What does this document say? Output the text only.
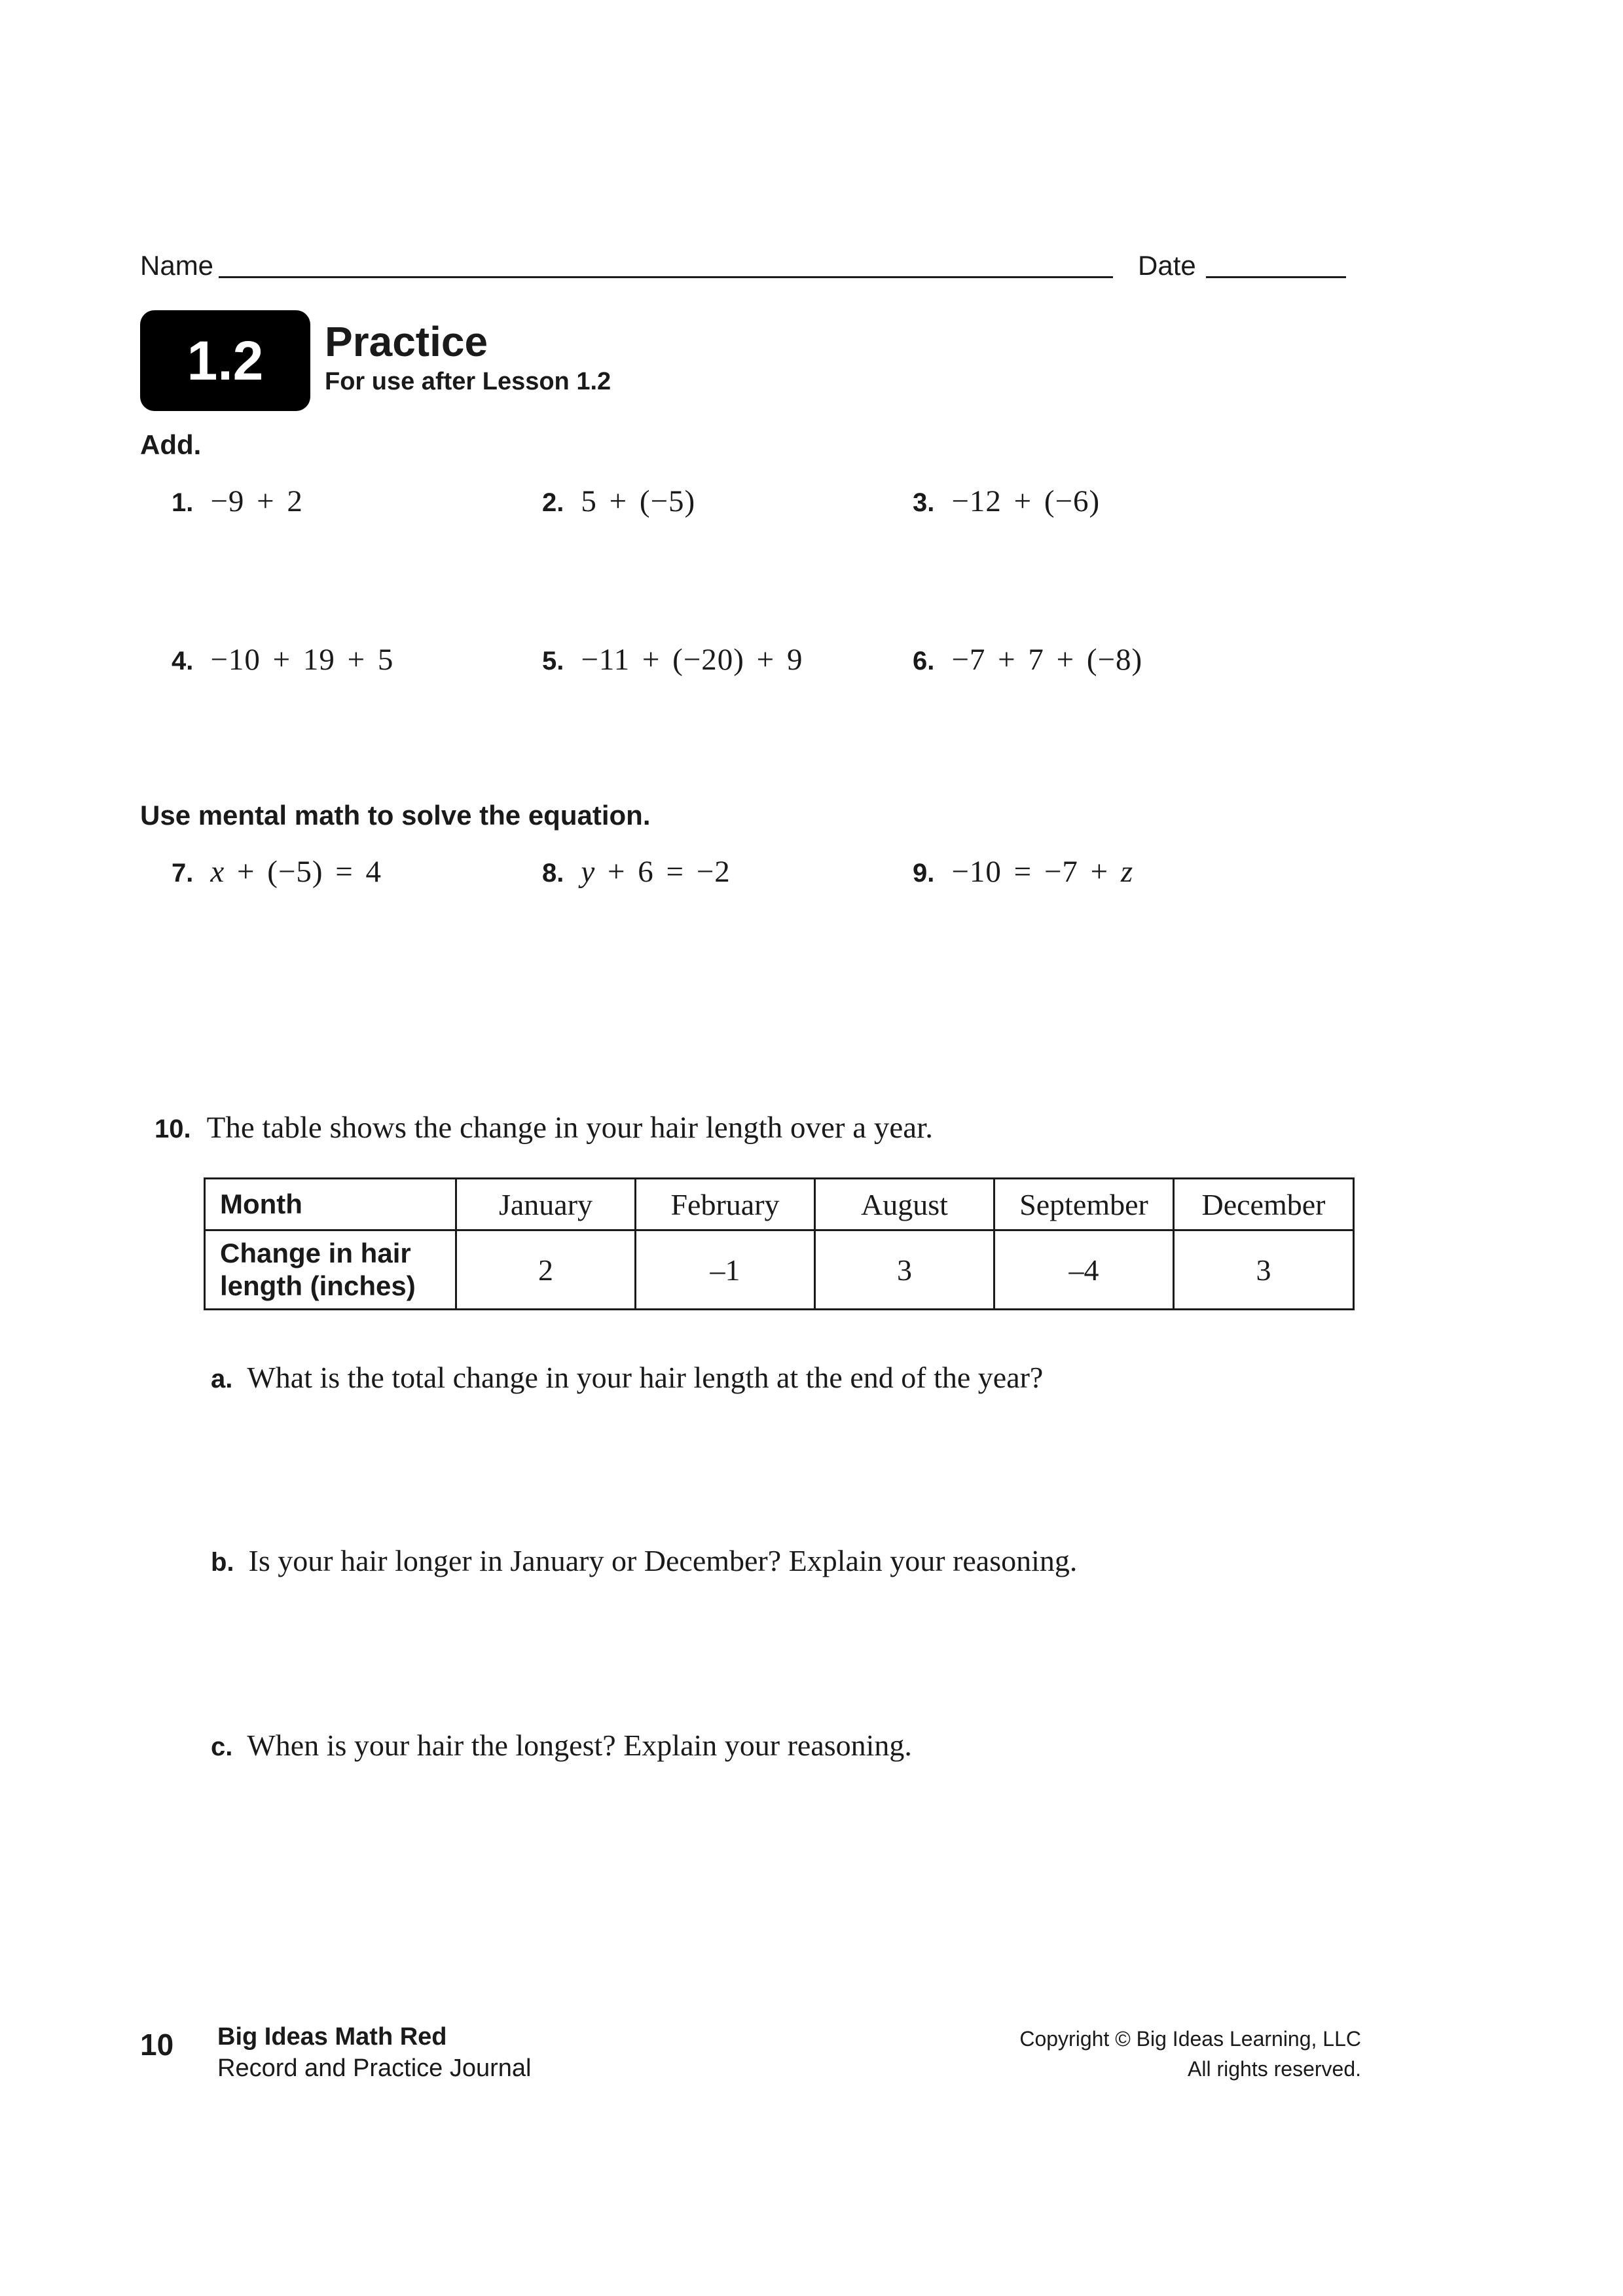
Name	Date
1.2	Practice
For use after Lesson 1.2
Add.
1. −9 + 2	2. 5 + (−5)	3. −12 + (−6)
4. −10 + 19 + 5	5. −11 + (−20) + 9	6. −7 + 7 + (−8)
Use mental math to solve the equation.
7. x + (−5) = 4	8. y + 6 = −2	9. −10 = −7 + z
10. The table shows the change in your hair length over a year.
Month	January	February	August	September	December
Change in hair
length (inches)	2	–1	3	–4	3
a. What is the total change in your hair length at the end of the year?
b. Is your hair longer in January or December? Explain your reasoning.
c. When is your hair the longest? Explain your reasoning.
10 Big Ideas Math Red
Record and Practice Journal
Copyright © Big Ideas Learning, LLC
All rights reserved.
